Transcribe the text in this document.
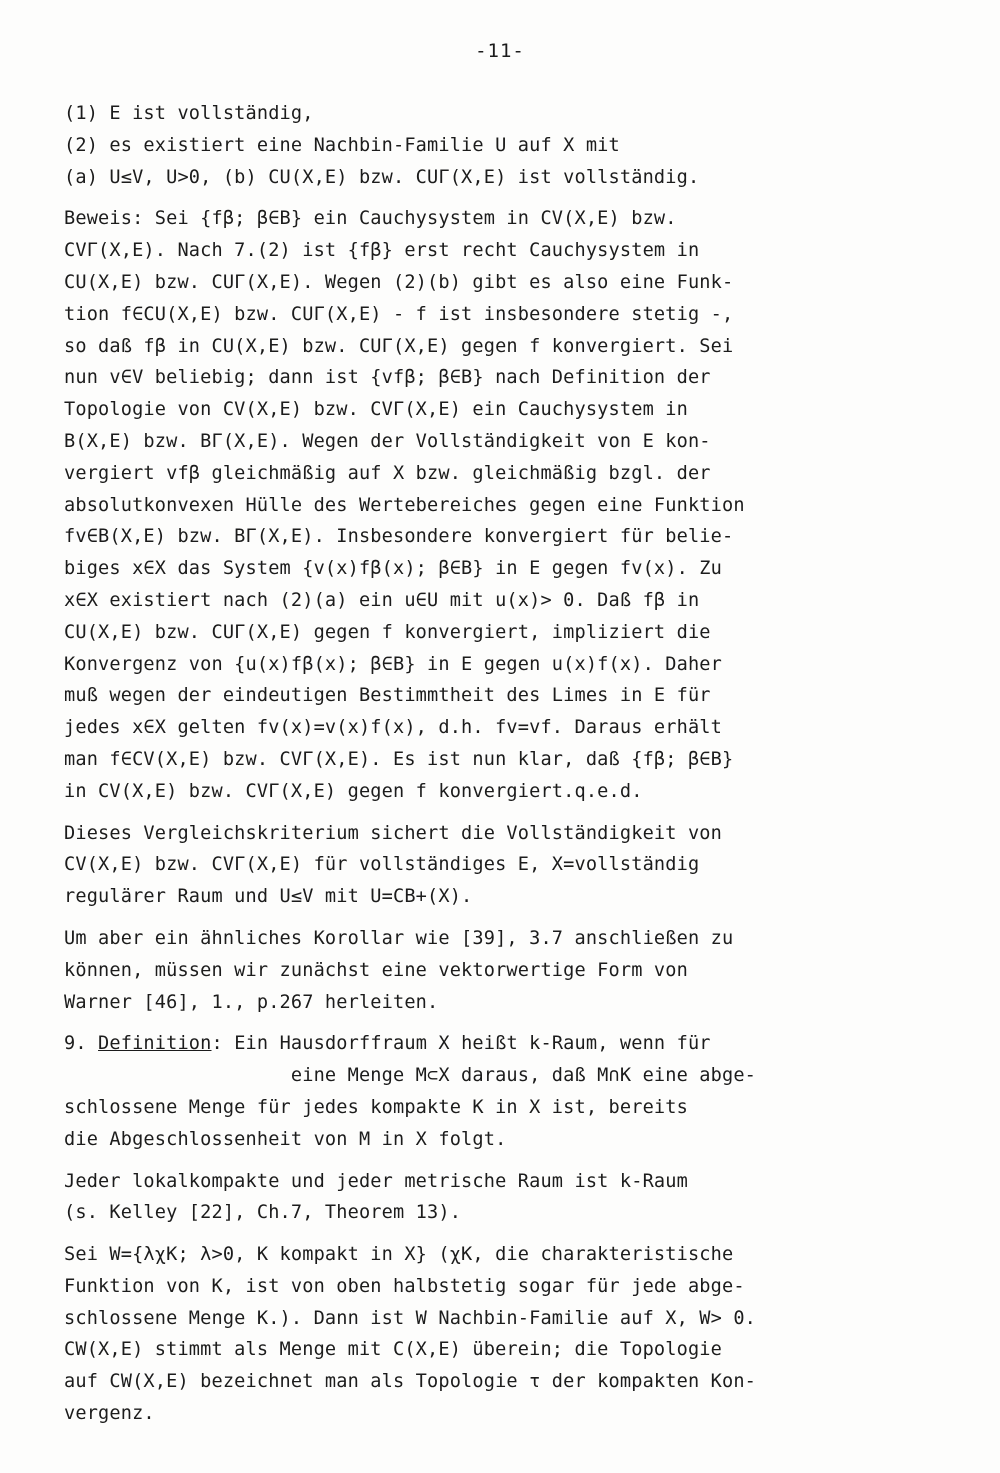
-11-
(1) E ist vollständig,
(2) es existiert eine Nachbin-Familie U auf X mit
(a) U≤V, U>0, (b) CU(X,E) bzw. CUΓ(X,E) ist vollständig.
Beweis: Sei {fβ; β∈B} ein Cauchysystem in CV(X,E) bzw.
CVΓ(X,E). Nach 7.(2) ist {fβ} erst recht Cauchysystem in
CU(X,E) bzw. CUΓ(X,E). Wegen (2)(b) gibt es also eine Funk-
tion f∈CU(X,E) bzw. CUΓ(X,E) - f ist insbesondere stetig -,
so daß fβ in CU(X,E) bzw. CUΓ(X,E) gegen f konvergiert. Sei
nun v∈V beliebig; dann ist {vfβ; β∈B} nach Definition der
Topologie von CV(X,E) bzw. CVΓ(X,E) ein Cauchysystem in
B(X,E) bzw. BΓ(X,E). Wegen der Vollständigkeit von E kon-
vergiert vfβ gleichmäßig auf X bzw. gleichmäßig bzgl. der
absolutkonvexen Hülle des Wertebereiches gegen eine Funktion
fv∈B(X,E) bzw. BΓ(X,E). Insbesondere konvergiert für belie-
biges x∈X das System {v(x)fβ(x); β∈B} in E gegen fv(x). Zu
x∈X existiert nach (2)(a) ein u∈U mit u(x)> 0. Daß fβ in
CU(X,E) bzw. CUΓ(X,E) gegen f konvergiert, impliziert die
Konvergenz von {u(x)fβ(x); β∈B} in E gegen u(x)f(x). Daher
muß wegen der eindeutigen Bestimmtheit des Limes in E für
jedes x∈X gelten fv(x)=v(x)f(x), d.h. fv=vf. Daraus erhält
man f∈CV(X,E) bzw. CVΓ(X,E). Es ist nun klar, daß {fβ; β∈B}
in CV(X,E) bzw. CVΓ(X,E) gegen f konvergiert.q.e.d.
Dieses Vergleichskriterium sichert die Vollständigkeit von
CV(X,E) bzw. CVΓ(X,E) für vollständiges E, X=vollständig
regulärer Raum und U≤V mit U=CB+(X).
Um aber ein ähnliches Korollar wie [39], 3.7 anschließen zu
können, müssen wir zunächst eine vektorwertige Form von
Warner [46], 1., p.267 herleiten.
9. Definition: Ein Hausdorffraum X heißt k-Raum, wenn für
eine Menge M⊂X daraus, daß M∩K eine abge-
schlossene Menge für jedes kompakte K in X ist, bereits
die Abgeschlossenheit von M in X folgt.
Jeder lokalkompakte und jeder metrische Raum ist k-Raum
(s. Kelley [22], Ch.7, Theorem 13).
Sei W={λχK; λ>0, K kompakt in X} (χK, die charakteristische
Funktion von K, ist von oben halbstetig sogar für jede abge-
schlossene Menge K.). Dann ist W Nachbin-Familie auf X, W> 0.
CW(X,E) stimmt als Menge mit C(X,E) überein; die Topologie
auf CW(X,E) bezeichnet man als Topologie τ der kompakten Kon-
vergenz.
